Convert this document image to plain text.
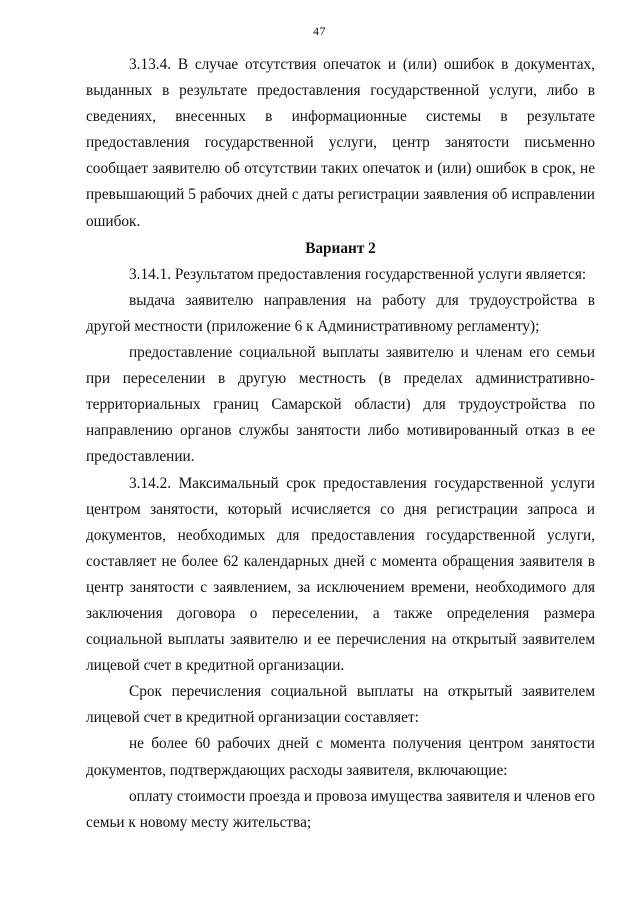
47

3.13.4. В случае отсутствия опечаток и (или) ошибок в документах, выданных в результате предоставления государственной услуги, либо в сведениях, внесенных в информационные системы в результате предоставления государственной услуги, центр занятости письменно сообщает заявителю об отсутствии таких опечаток и (или) ошибок в срок, не превышающий 5 рабочих дней с даты регистрации заявления об исправлении ошибок.

Вариант 2

3.14.1. Результатом предоставления государственной услуги является:

выдача заявителю направления на работу для трудоустройства в другой местности (приложение 6 к Административному регламенту);

предоставление социальной выплаты заявителю и членам его семьи при переселении в другую местность (в пределах административно-территориальных границ Самарской области) для трудоустройства по направлению органов службы занятости либо мотивированный отказ в ее предоставлении.

3.14.2. Максимальный срок предоставления государственной услуги центром занятости, который исчисляется со дня регистрации запроса и документов, необходимых для предоставления государственной услуги, составляет не более 62 календарных дней с момента обращения заявителя в центр занятости с заявлением, за исключением времени, необходимого для заключения договора о переселении, а также определения размера социальной выплаты заявителю и ее перечисления на открытый заявителем лицевой счет в кредитной организации.

Срок перечисления социальной выплаты на открытый заявителем лицевой счет в кредитной организации составляет:

не более 60 рабочих дней с момента получения центром занятости документов, подтверждающих расходы заявителя, включающие:

оплату стоимости проезда и провоза имущества заявителя и членов его семьи к новому месту жительства;
